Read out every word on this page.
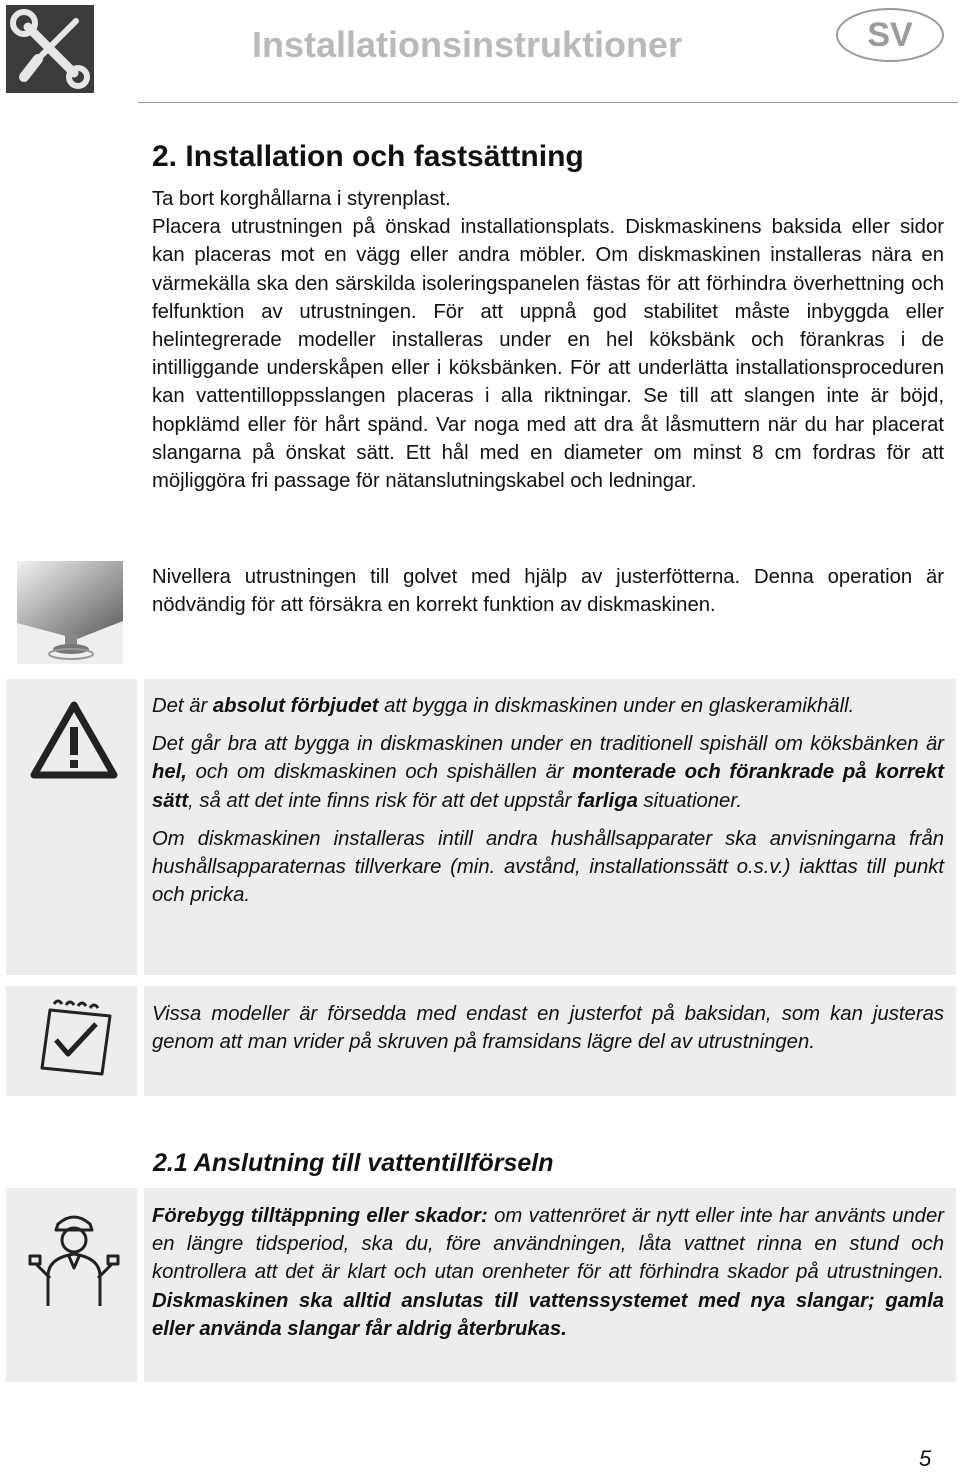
Installationsinstruktioner	SV
2. Installation och fastsättning

Ta bort korghållarna i styrenplast.

Placera utrustningen på önskad installationsplats. Diskmaskinens baksida eller sidor kan placeras mot en vägg eller andra möbler. Om diskmaskinen installeras nära en värmekälla ska den särskilda isoleringspanelen fästas för att förhindra överhettning och felfunktion av utrustningen. För att uppnå god stabilitet måste inbyggda eller helintegrerade modeller installeras under en hel köksbänk och förankras i de intilliggande underskåpen eller i köksbänken. För att underlätta installationsproceduren kan vattentilloppsslangen placeras i alla riktningar. Se till att slangen inte är böjd, hopklämd eller för hårt spänd. Var noga med att dra åt låsmuttern när du har placerat slangarna på önskat sätt. Ett hål med en diameter om minst 8 cm fordras för att möjliggöra fri passage för nätanslutningskabel och ledningar.

Nivellera utrustningen till golvet med hjälp av justerfötterna. Denna operation är nödvändig för att försäkra en korrekt funktion av diskmaskinen.

Det är absolut förbjudet att bygga in diskmaskinen under en glaskeramikhäll.

Det går bra att bygga in diskmaskinen under en traditionell spishäll om köksbänken är hel, och om diskmaskinen och spishällen är monterade och förankrade på korrekt sätt, så att det inte finns risk för att det uppstår farliga situationer.

Om diskmaskinen installeras intill andra hushållsapparater ska anvisningarna från hushållsapparaternas tillverkare (min. avstånd, installationssätt o.s.v.) iakttas till punkt och pricka.

Vissa modeller är försedda med endast en justerfot på baksidan, som kan justeras genom att man vrider på skruven på framsidans lägre del av utrustningen.

2.1 Anslutning till vattentillförseln

Förebygg tilltäppning eller skador: om vattenröret är nytt eller inte har använts under en längre tidsperiod, ska du, före användningen, låta vattnet rinna en stund och kontrollera att det är klart och utan orenheter för att förhindra skador på utrustningen. Diskmaskinen ska alltid anslutas till vattenssystemet med nya slangar; gamla eller använda slangar får aldrig återbrukas.

5
